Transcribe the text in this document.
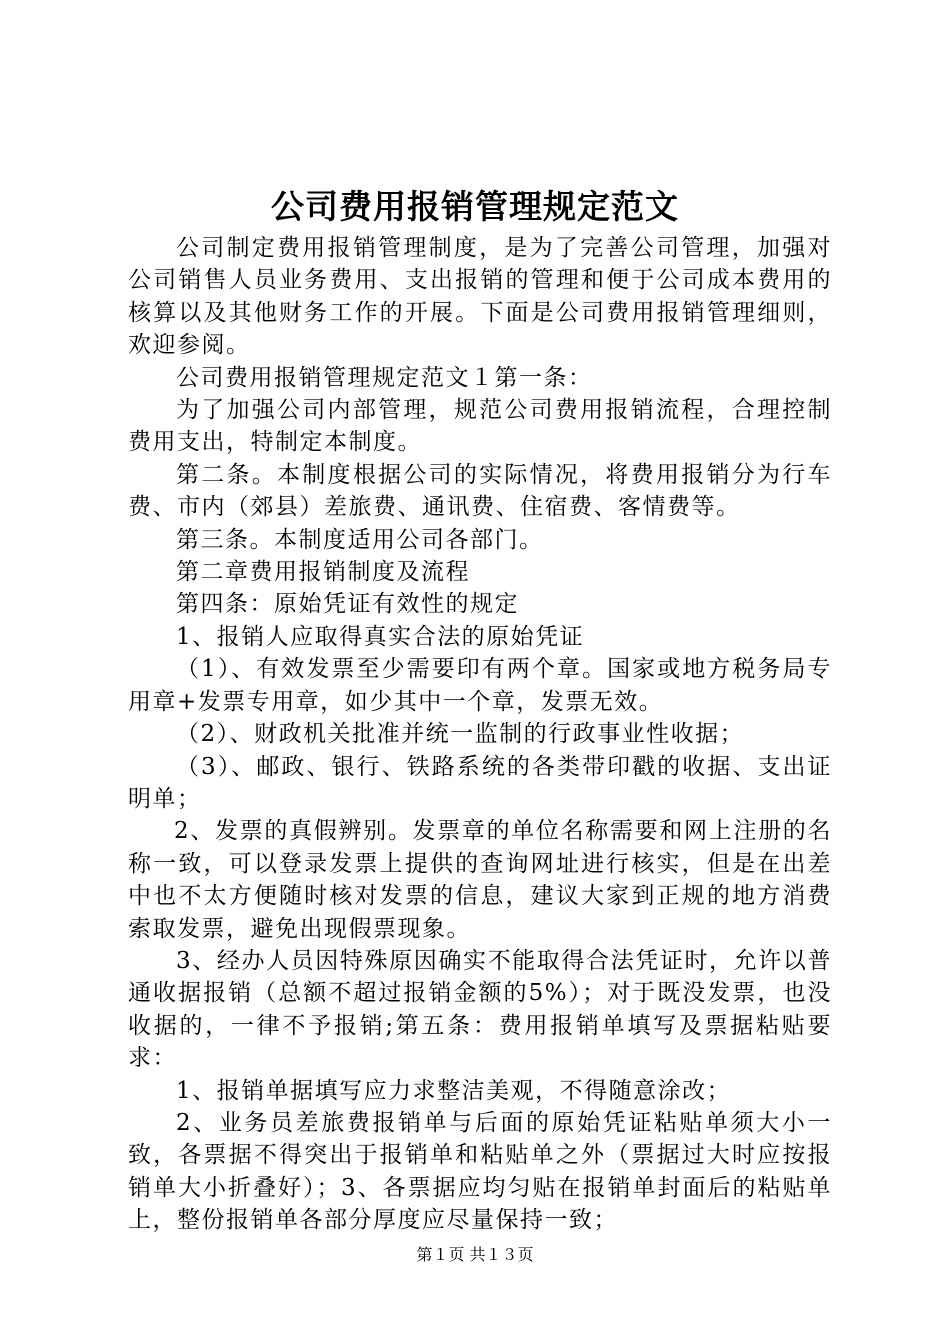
公司费用报销管理规定范文

公司制定费用报销管理制度，是为了完善公司管理，加强对公司销售人员业务费用、支出报销的管理和便于公司成本费用的核算以及其他财务工作的开展。下面是公司费用报销管理细则，欢迎参阅。

公司费用报销管理规定范文１第一条：

为了加强公司内部管理，规范公司费用报销流程，合理控制费用支出，特制定本制度。

第二条。本制度根据公司的实际情况，将费用报销分为行车费、市内（郊县）差旅费、通讯费、住宿费、客情费等。

第三条。本制度适用公司各部门。

第二章费用报销制度及流程

第四条：原始凭证有效性的规定

1、报销人应取得真实合法的原始凭证

（1）、有效发票至少需要印有两个章。国家或地方税务局专用章+发票专用章，如少其中一个章，发票无效。

（2）、财政机关批准并统一监制的行政事业性收据；

（3）、邮政、银行、铁路系统的各类带印戳的收据、支出证明单；

2、发票的真假辨别。发票章的单位名称需要和网上注册的名称一致，可以登录发票上提供的查询网址进行核实，但是在出差中也不太方便随时核对发票的信息，建议大家到正规的地方消费索取发票，避免出现假票现象。

3、经办人员因特殊原因确实不能取得合法凭证时，允许以普通收据报销（总额不超过报销金额的5%）；对于既没发票，也没收据的，一律不予报销;第五条：费用报销单填写及票据粘贴要求：

1、报销单据填写应力求整洁美观，不得随意涂改；

2、业务员差旅费报销单与后面的原始凭证粘贴单须大小一致，各票据不得突出于报销单和粘贴单之外（票据过大时应按报销单大小折叠好）；3、各票据应均匀贴在报销单封面后的粘贴单上，整份报销单各部分厚度应尽量保持一致；

第１页 共１３页
